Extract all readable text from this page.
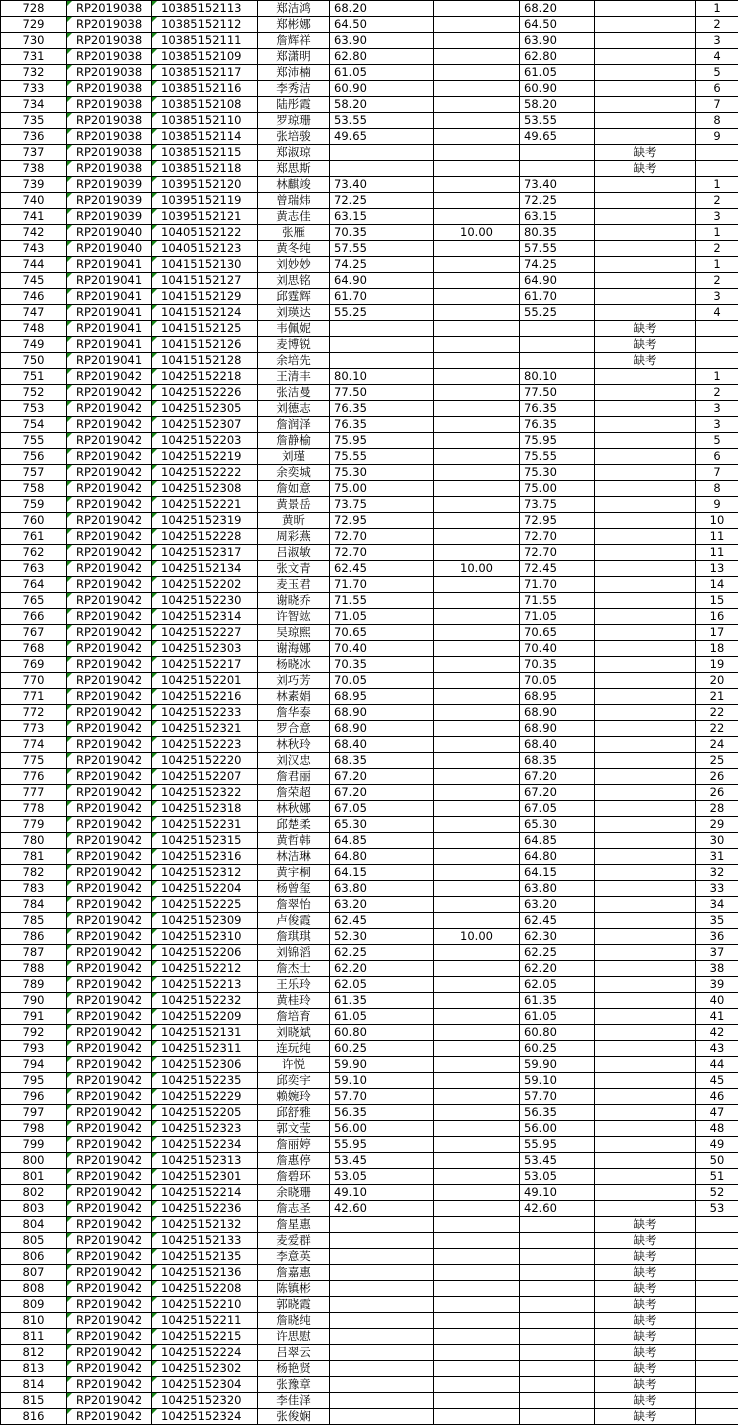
728	RP2019038	10385152113	郑洁鸿	68.20		68.20		1
729	RP2019038	10385152112	郑彬娜	64.50		64.50		2
730	RP2019038	10385152111	詹辉祥	63.90		63.90		3
731	RP2019038	10385152109	郑潇明	62.80		62.80		4
732	RP2019038	10385152117	郑沛楠	61.05		61.05		5
733	RP2019038	10385152116	李秀洁	60.90		60.90		6
734	RP2019038	10385152108	陆彤霞	58.20		58.20		7
735	RP2019038	10385152110	罗琼珊	53.55		53.55		8
736	RP2019038	10385152114	张培骏	49.65		49.65		9
737	RP2019038	10385152115	郑淑琼				缺考	
738	RP2019038	10385152118	郑思斯				缺考	
739	RP2019039	10395152120	林麒竣	73.40		73.40		1
740	RP2019039	10395152119	曾瑞炜	72.25		72.25		2
741	RP2019039	10395152121	黄志佳	63.15		63.15		3
742	RP2019040	10405152122	张雁	70.35	10.00	80.35		1
743	RP2019040	10405152123	黄冬纯	57.55		57.55		2
744	RP2019041	10415152130	刘妙妙	74.25		74.25		1
745	RP2019041	10415152127	刘思铭	64.90		64.90		2
746	RP2019041	10415152129	邱霆辉	61.70		61.70		3
747	RP2019041	10415152124	刘瑛达	55.25		55.25		4
748	RP2019041	10415152125	韦佩妮				缺考	
749	RP2019041	10415152126	麦博锐				缺考	
750	RP2019041	10415152128	余培先				缺考	
751	RP2019042	10425152218	王清丰	80.10		80.10		1
752	RP2019042	10425152226	张洁曼	77.50		77.50		2
753	RP2019042	10425152305	刘德志	76.35		76.35		3
754	RP2019042	10425152307	詹润泽	76.35		76.35		3
755	RP2019042	10425152203	詹静榆	75.95		75.95		5
756	RP2019042	10425152219	刘瑾	75.55		75.55		6
757	RP2019042	10425152222	余奕城	75.30		75.30		7
758	RP2019042	10425152308	詹如意	75.00		75.00		8
759	RP2019042	10425152221	黄景岳	73.75		73.75		9
760	RP2019042	10425152319	黄昕	72.95		72.95		10
761	RP2019042	10425152228	周彩燕	72.70		72.70		11
762	RP2019042	10425152317	吕淑敏	72.70		72.70		11
763	RP2019042	10425152134	张文青	62.45	10.00	72.45		13
764	RP2019042	10425152202	麦玉君	71.70		71.70		14
765	RP2019042	10425152230	谢晓乔	71.55		71.55		15
766	RP2019042	10425152314	许智竑	71.05		71.05		16
767	RP2019042	10425152227	吴琼熙	70.65		70.65		17
768	RP2019042	10425152303	谢海娜	70.40		70.40		18
769	RP2019042	10425152217	杨晓冰	70.35		70.35		19
770	RP2019042	10425152201	刘巧芳	70.05		70.05		20
771	RP2019042	10425152216	林素娟	68.95		68.95		21
772	RP2019042	10425152233	詹华泰	68.90		68.90		22
773	RP2019042	10425152321	罗合意	68.90		68.90		22
774	RP2019042	10425152223	林秋玲	68.40		68.40		24
775	RP2019042	10425152220	刘汉忠	68.35		68.35		25
776	RP2019042	10425152207	詹君丽	67.20		67.20		26
777	RP2019042	10425152322	詹荣超	67.20		67.20		26
778	RP2019042	10425152318	林秋娜	67.05		67.05		28
779	RP2019042	10425152231	邱楚柔	65.30		65.30		29
780	RP2019042	10425152315	黄哲韩	64.85		64.85		30
781	RP2019042	10425152316	林洁琳	64.80		64.80		31
782	RP2019042	10425152312	黄宇桐	64.15		64.15		32
783	RP2019042	10425152204	杨曾玺	63.80		63.80		33
784	RP2019042	10425152225	詹翠怡	63.20		63.20		34
785	RP2019042	10425152309	卢俊霞	62.45		62.45		35
786	RP2019042	10425152310	詹琪琪	52.30	10.00	62.30		36
787	RP2019042	10425152206	刘锦滔	62.25		62.25		37
788	RP2019042	10425152212	詹杰士	62.20		62.20		38
789	RP2019042	10425152213	王乐玲	62.05		62.05		39
790	RP2019042	10425152232	黄桂玲	61.35		61.35		40
791	RP2019042	10425152209	詹培育	61.05		61.05		41
792	RP2019042	10425152131	刘晓斌	60.80		60.80		42
793	RP2019042	10425152311	连玩纯	60.25		60.25		43
794	RP2019042	10425152306	许悦	59.90		59.90		44
795	RP2019042	10425152235	邱奕宇	59.10		59.10		45
796	RP2019042	10425152229	赖婉玲	57.70		57.70		46
797	RP2019042	10425152205	邱舒雅	56.35		56.35		47
798	RP2019042	10425152323	郭文莹	56.00		56.00		48
799	RP2019042	10425152234	詹丽婷	55.95		55.95		49
800	RP2019042	10425152313	詹惠停	53.45		53.45		50
801	RP2019042	10425152301	詹碧环	53.05		53.05		51
802	RP2019042	10425152214	余晓珊	49.10		49.10		52
803	RP2019042	10425152236	詹志圣	42.60		42.60		53
804	RP2019042	10425152132	詹星惠				缺考	
805	RP2019042	10425152133	麦爱群				缺考	
806	RP2019042	10425152135	李意英				缺考	
807	RP2019042	10425152136	詹嘉惠				缺考	
808	RP2019042	10425152208	陈镇彬				缺考	
809	RP2019042	10425152210	郭晓霞				缺考	
810	RP2019042	10425152211	詹晓纯				缺考	
811	RP2019042	10425152215	许思慰				缺考	
812	RP2019042	10425152224	吕翠云				缺考	
813	RP2019042	10425152302	杨艳贤				缺考	
814	RP2019042	10425152304	张豫章				缺考	
815	RP2019042	10425152320	李佳泽				缺考	
816	RP2019042	10425152324	张俊娴				缺考	
